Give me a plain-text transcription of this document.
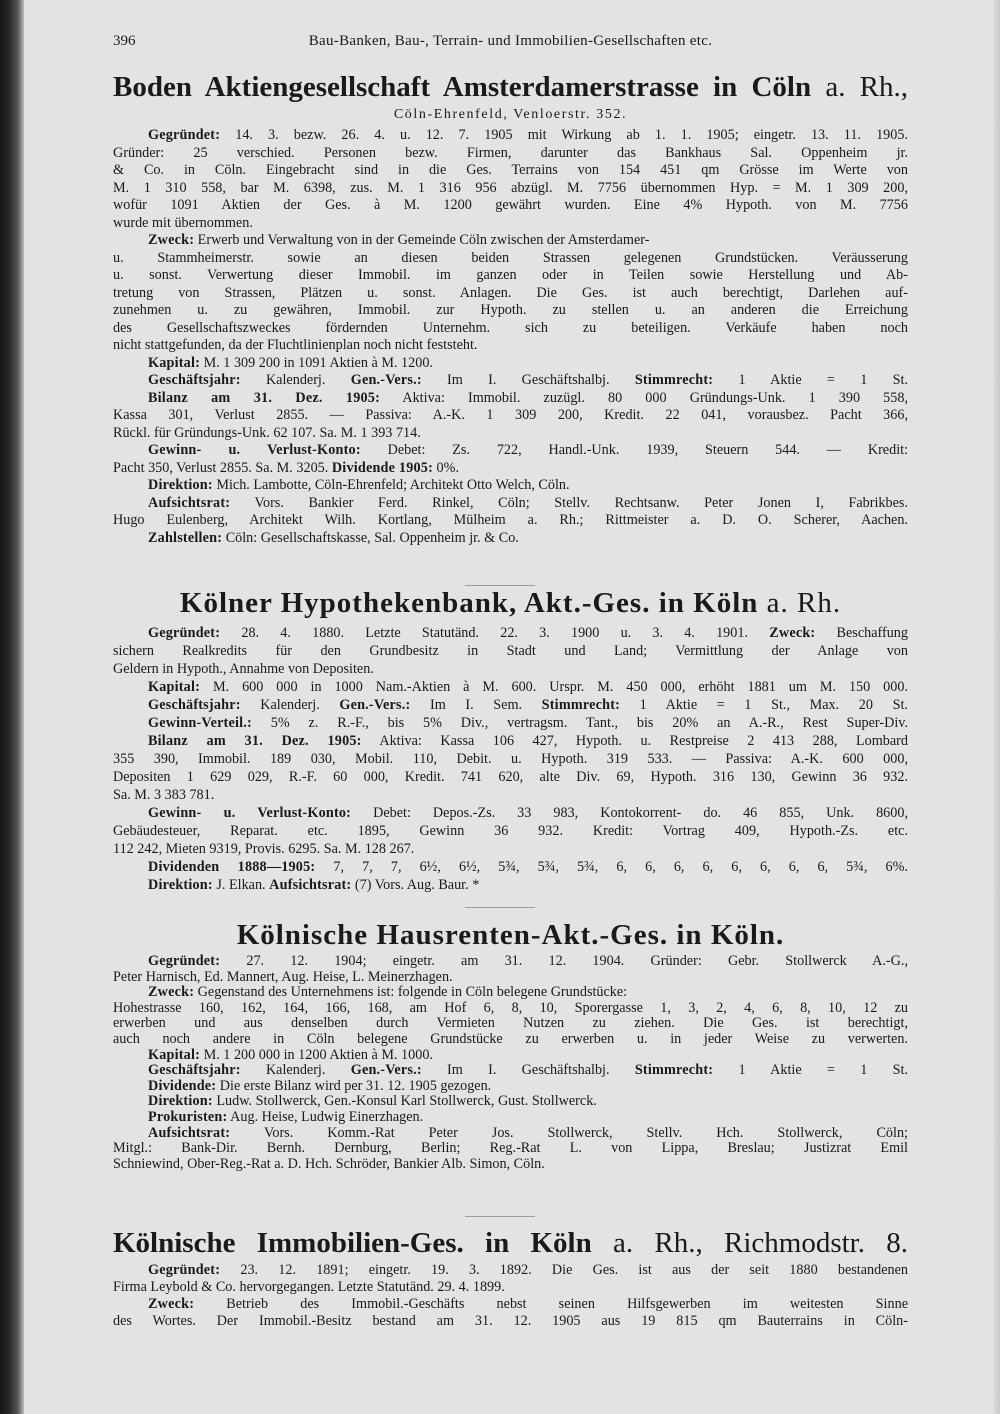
396	Bau-Banken, Bau-, Terrain- und Immobilien-Gesellschaften etc.
Boden Aktiengesellschaft Amsterdamerstrasse in Cöln a. Rh.,
Cöln-Ehrenfeld, Venloerstr. 352.
Gegründet: 14. 3. bezw. 26. 4. u. 12. 7. 1905 mit Wirkung ab 1. 1. 1905; eingetr. 13. 11. 1905.
Gründer: 25 verschied. Personen bezw. Firmen, darunter das Bankhaus Sal. Oppenheim jr.
& Co. in Cöln. Eingebracht sind in die Ges. Terrains von 154 451 qm Grösse im Werte von
M. 1 310 558, bar M. 6398, zus. M. 1 316 956 abzügl. M. 7756 übernommen Hyp. = M. 1 309 200,
wofür 1091 Aktien der Ges. à M. 1200 gewährt wurden. Eine 4% Hypoth. von M. 7756
wurde mit übernommen.
Zweck: Erwerb und Verwaltung von in der Gemeinde Cöln zwischen der Amsterdamer-
u. Stammheimerstr. sowie an diesen beiden Strassen gelegenen Grundstücken. Veräusserung
u. sonst. Verwertung dieser Immobil. im ganzen oder in Teilen sowie Herstellung und Ab-
tretung von Strassen, Plätzen u. sonst. Anlagen. Die Ges. ist auch berechtigt, Darlehen auf-
zunehmen u. zu gewähren, Immobil. zur Hypoth. zu stellen u. an anderen die Erreichung
des Gesellschaftszweckes fördernden Unternehm. sich zu beteiligen. Verkäufe haben noch
nicht stattgefunden, da der Fluchtlinienplan noch nicht feststeht.
Kapital: M. 1 309 200 in 1091 Aktien à M. 1200.
Geschäftsjahr: Kalenderj. Gen.-Vers.: Im I. Geschäftshalbj. Stimmrecht: 1 Aktie = 1 St.
Bilanz am 31. Dez. 1905: Aktiva: Immobil. zuzügl. 80 000 Gründungs-Unk. 1 390 558,
Kassa 301, Verlust 2855. — Passiva: A.-K. 1 309 200, Kredit. 22 041, vorausbez. Pacht 366,
Rückl. für Gründungs-Unk. 62 107. Sa. M. 1 393 714.
Gewinn- u. Verlust-Konto: Debet: Zs. 722, Handl.-Unk. 1939, Steuern 544. — Kredit:
Pacht 350, Verlust 2855. Sa. M. 3205. Dividende 1905: 0%.
Direktion: Mich. Lambotte, Cöln-Ehrenfeld; Architekt Otto Welch, Cöln.
Aufsichtsrat: Vors. Bankier Ferd. Rinkel, Cöln; Stellv. Rechtsanw. Peter Jonen I, Fabrikbes.
Hugo Eulenberg, Architekt Wilh. Kortlang, Mülheim a. Rh.; Rittmeister a. D. O. Scherer, Aachen.
Zahlstellen: Cöln: Gesellschaftskasse, Sal. Oppenheim jr. & Co.
Kölner Hypothekenbank, Akt.-Ges. in Köln a. Rh.
Gegründet: 28. 4. 1880. Letzte Statutänd. 22. 3. 1900 u. 3. 4. 1901. Zweck: Beschaffung
sichern Realkredits für den Grundbesitz in Stadt und Land; Vermittlung der Anlage von
Geldern in Hypoth., Annahme von Depositen.
Kapital: M. 600 000 in 1000 Nam.-Aktien à M. 600. Urspr. M. 450 000, erhöht 1881 um M. 150 000.
Geschäftsjahr: Kalenderj. Gen.-Vers.: Im I. Sem. Stimmrecht: 1 Aktie = 1 St., Max. 20 St.
Gewinn-Verteil.: 5% z. R.-F., bis 5% Div., vertragsm. Tant., bis 20% an A.-R., Rest Super-Div.
Bilanz am 31. Dez. 1905: Aktiva: Kassa 106 427, Hypoth. u. Restpreise 2 413 288, Lombard
355 390, Immobil. 189 030, Mobil. 110, Debit. u. Hypoth. 319 533. — Passiva: A.-K. 600 000,
Depositen 1 629 029, R.-F. 60 000, Kredit. 741 620, alte Div. 69, Hypoth. 316 130, Gewinn 36 932.
Sa. M. 3 383 781.
Gewinn- u. Verlust-Konto: Debet: Depos.-Zs. 33 983, Kontokorrent- do. 46 855, Unk. 8600,
Gebäudesteuer, Reparat. etc. 1895, Gewinn 36 932. Kredit: Vortrag 409, Hypoth.-Zs. etc.
112 242, Mieten 9319, Provis. 6295. Sa. M. 128 267.
Dividenden 1888—1905: 7, 7, 7, 6½, 6½, 5¾, 5¾, 5¾, 6, 6, 6, 6, 6, 6, 6, 6, 5¾, 6%.
Direktion: J. Elkan. Aufsichtsrat: (7) Vors. Aug. Baur. *
Kölnische Hausrenten-Akt.-Ges. in Köln.
Gegründet: 27. 12. 1904; eingetr. am 31. 12. 1904. Gründer: Gebr. Stollwerck A.-G.,
Peter Harnisch, Ed. Mannert, Aug. Heise, L. Meinerzhagen.
Zweck: Gegenstand des Unternehmens ist: folgende in Cöln belegene Grundstücke:
Hohestrasse 160, 162, 164, 166, 168, am Hof 6, 8, 10, Sporergasse 1, 3, 2, 4, 6, 8, 10, 12 zu
erwerben und aus denselben durch Vermieten Nutzen zu ziehen. Die Ges. ist berechtigt,
auch noch andere in Cöln belegene Grundstücke zu erwerben u. in jeder Weise zu verwerten.
Kapital: M. 1 200 000 in 1200 Aktien à M. 1000.
Geschäftsjahr: Kalenderj. Gen.-Vers.: Im I. Geschäftshalbj. Stimmrecht: 1 Aktie = 1 St.
Dividende: Die erste Bilanz wird per 31. 12. 1905 gezogen.
Direktion: Ludw. Stollwerck, Gen.-Konsul Karl Stollwerck, Gust. Stollwerck.
Prokuristen: Aug. Heise, Ludwig Einerzhagen.
Aufsichtsrat: Vors. Komm.-Rat Peter Jos. Stollwerck, Stellv. Hch. Stollwerck, Cöln;
Mitgl.: Bank-Dir. Bernh. Dernburg, Berlin; Reg.-Rat L. von Lippa, Breslau; Justizrat Emil
Schniewind, Ober-Reg.-Rat a. D. Hch. Schröder, Bankier Alb. Simon, Cöln.
Kölnische Immobilien-Ges. in Köln a. Rh., Richmodstr. 8.
Gegründet: 23. 12. 1891; eingetr. 19. 3. 1892. Die Ges. ist aus der seit 1880 bestandenen
Firma Leybold & Co. hervorgegangen. Letzte Statutänd. 29. 4. 1899.
Zweck: Betrieb des Immobil.-Geschäfts nebst seinen Hilfsgewerben im weitesten Sinne
des Wortes. Der Immobil.-Besitz bestand am 31. 12. 1905 aus 19 815 qm Bauterrains in Cöln-
